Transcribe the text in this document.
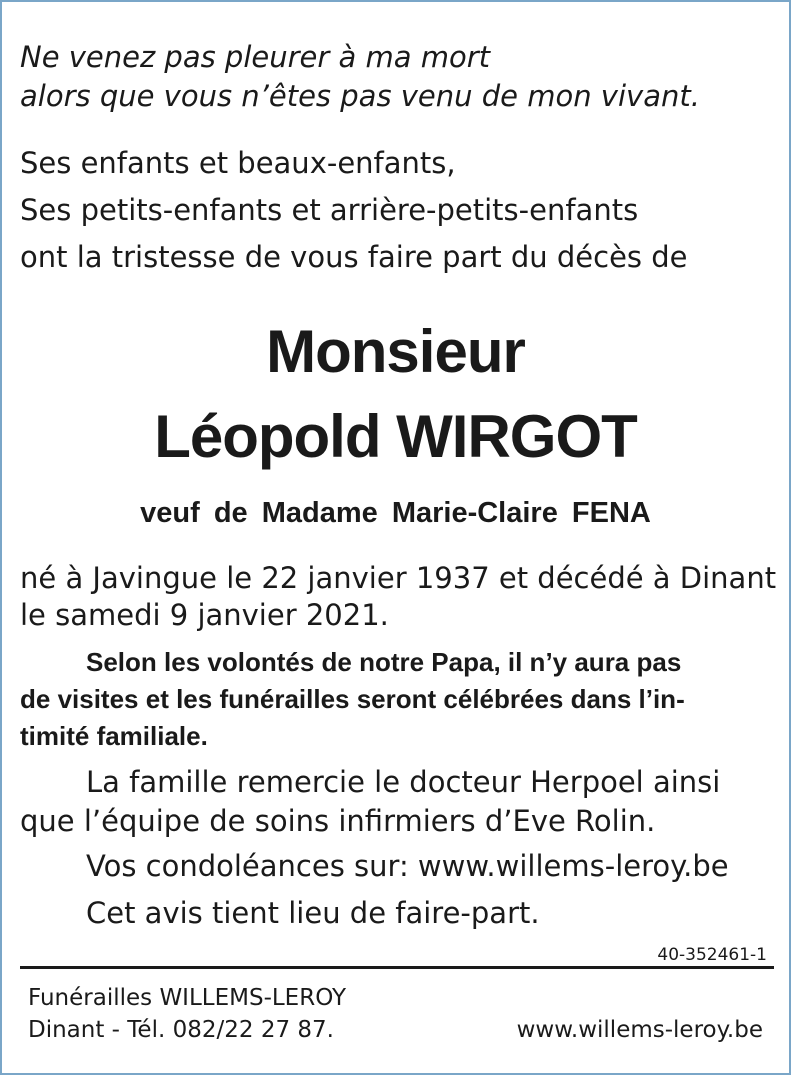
Ne venez pas pleurer à ma mort
alors que vous n’êtes pas venu de mon vivant.
Ses enfants et beaux-enfants,
Ses petits-enfants et arrière-petits-enfants
ont la tristesse de vous faire part du décès de
Monsieur
Léopold WIRGOT
veuf de Madame Marie-Claire FENA
né à Javingue le 22 janvier 1937 et décédé à Dinant
le samedi 9 janvier 2021.
Selon les volontés de notre Papa, il n’y aura pas
de visites et les funérailles seront célébrées dans l’in-
timité familiale.
La famille remercie le docteur Herpoel ainsi
que l’équipe de soins infirmiers d’Eve Rolin.
Vos condoléances sur: www.willems-leroy.be
Cet avis tient lieu de faire-part.
40-352461-1
Funérailles WILLEMS-LEROY
Dinant - Tél. 082/22 27 87.	www.willems-leroy.be
